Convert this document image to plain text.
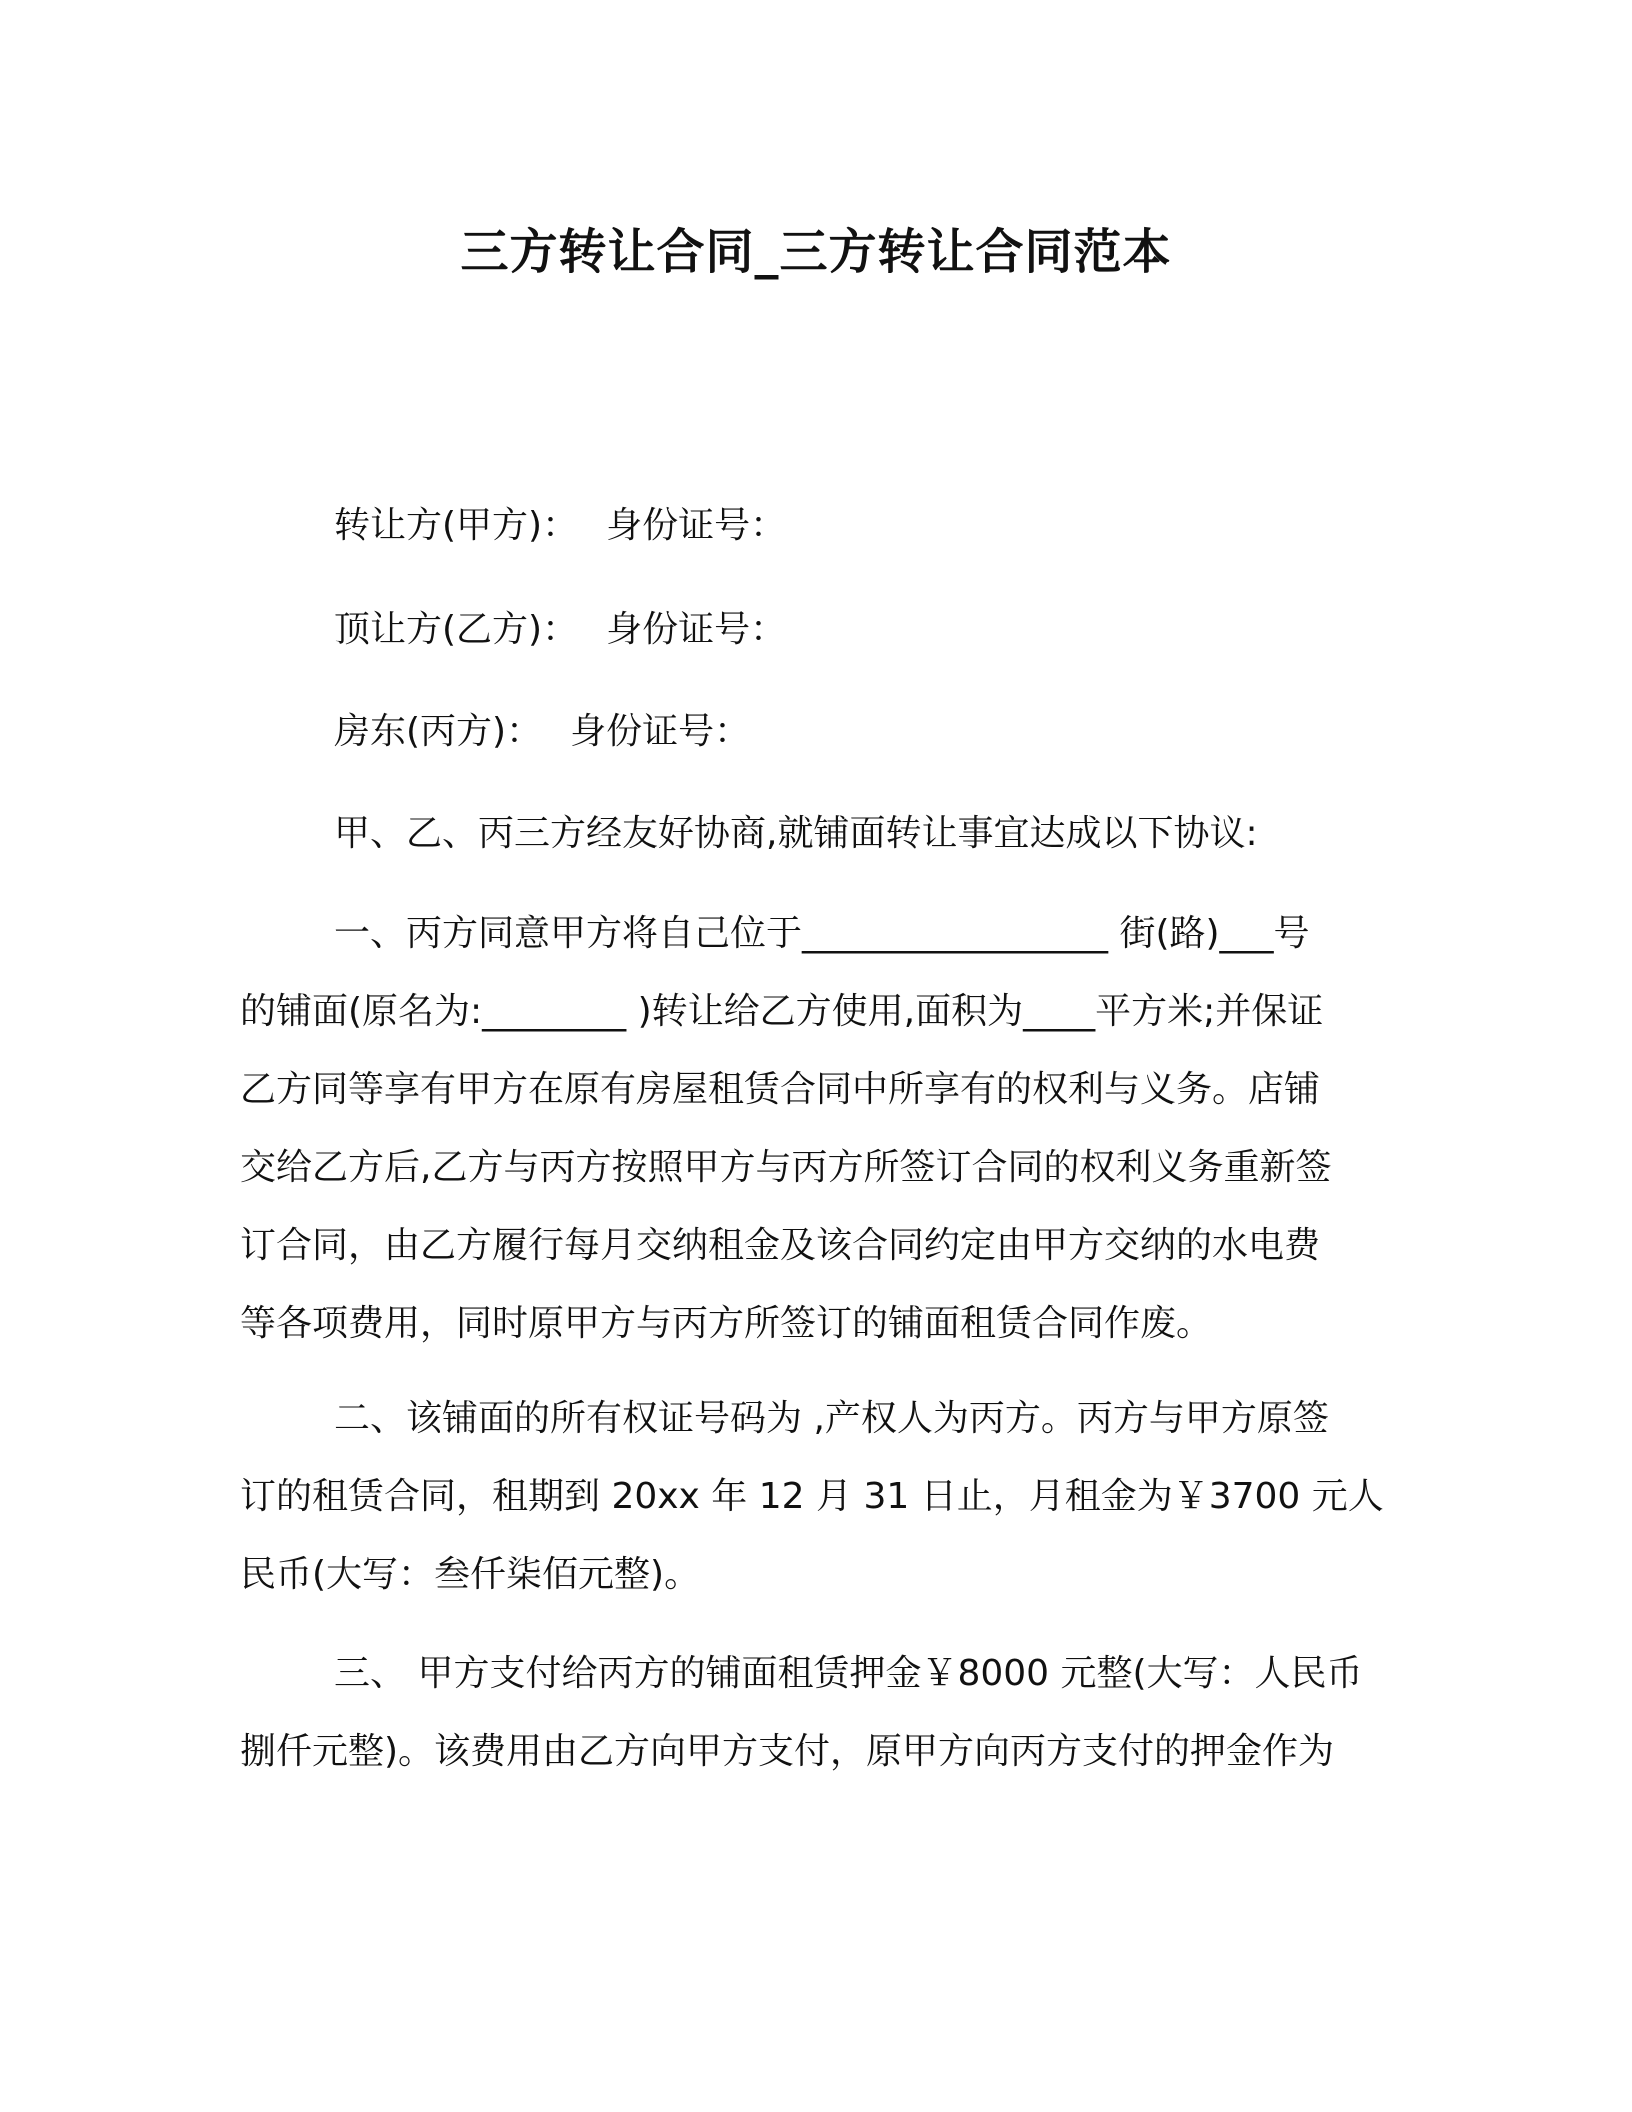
三方转让合同_三方转让合同范本
转让方(甲方)： 身份证号：
顶让方(乙方)： 身份证号：
房东(丙方)： 身份证号：
甲、乙、丙三方经友好协商,就铺面转让事宜达成以下协议:
一、丙方同意甲方将自己位于_________________ 街(路)___号
的铺面(原名为:________ )转让给乙方使用,面积为____平方米;并保证
乙方同等享有甲方在原有房屋租赁合同中所享有的权利与义务。店铺
交给乙方后,乙方与丙方按照甲方与丙方所签订合同的权利义务重新签
订合同，由乙方履行每月交纳租金及该合同约定由甲方交纳的水电费
等各项费用，同时原甲方与丙方所签订的铺面租赁合同作废。
二、该铺面的所有权证号码为 ,产权人为丙方。丙方与甲方原签
订的租赁合同，租期到 20xx 年 12 月 31 日止，月租金为￥3700 元人
民币(大写：叁仟柒佰元整)。
三、 甲方支付给丙方的铺面租赁押金￥8000 元整(大写：人民币
捌仟元整)。该费用由乙方向甲方支付，原甲方向丙方支付的押金作为
